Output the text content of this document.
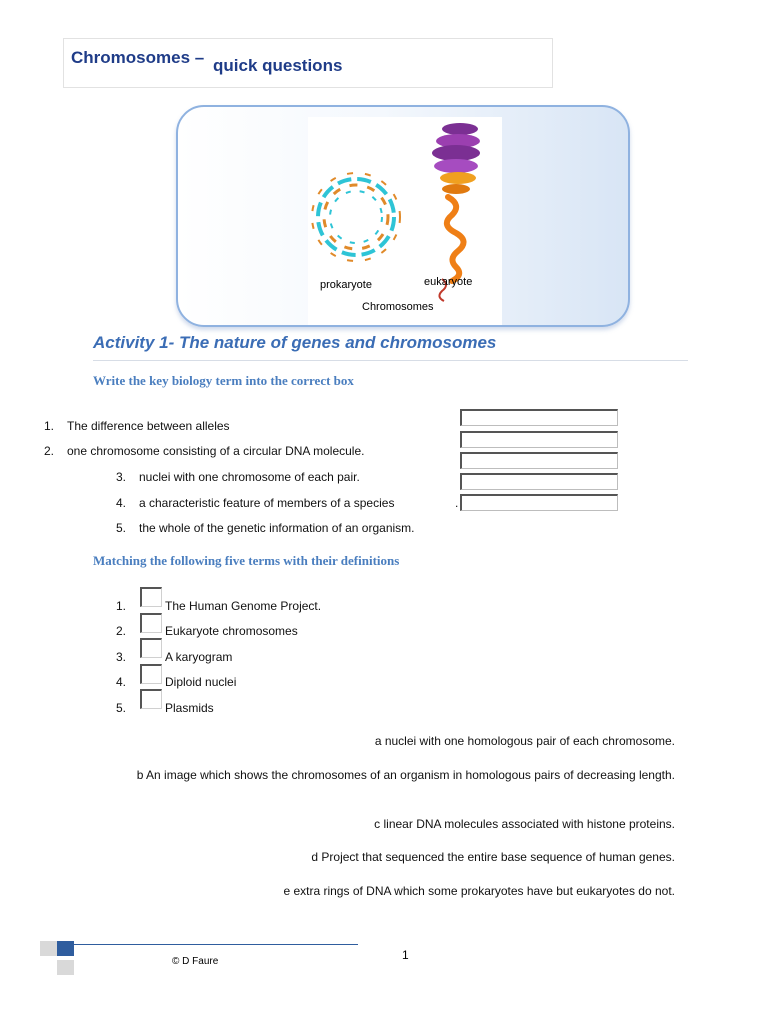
Chromosomes – quick questions
prokaryote	eukaryote
Chromosomes
Activity 1- The nature of genes and chromosomes
Write the key biology term into the correct box
1. The difference between alleles
2. one chromosome consisting of a circular DNA molecule.
3. nuclei with one chromosome of each pair.
4. a characteristic feature of members of a species	.
5. the whole of the genetic information of an organism.
Matching the following five terms with their definitions
1.	The Human Genome Project.
2.	Eukaryote chromosomes
3.	A karyogram
4.	Diploid nuclei
5.	Plasmids
a nuclei with one homologous pair of each chromosome.
b An image which shows the chromosomes of an organism in homologous pairs of decreasing length.
c linear DNA molecules associated with histone proteins.
d Project that sequenced the entire base sequence of human genes.
e extra rings of DNA which some prokaryotes have but eukaryotes do not.
© D Faure	1
